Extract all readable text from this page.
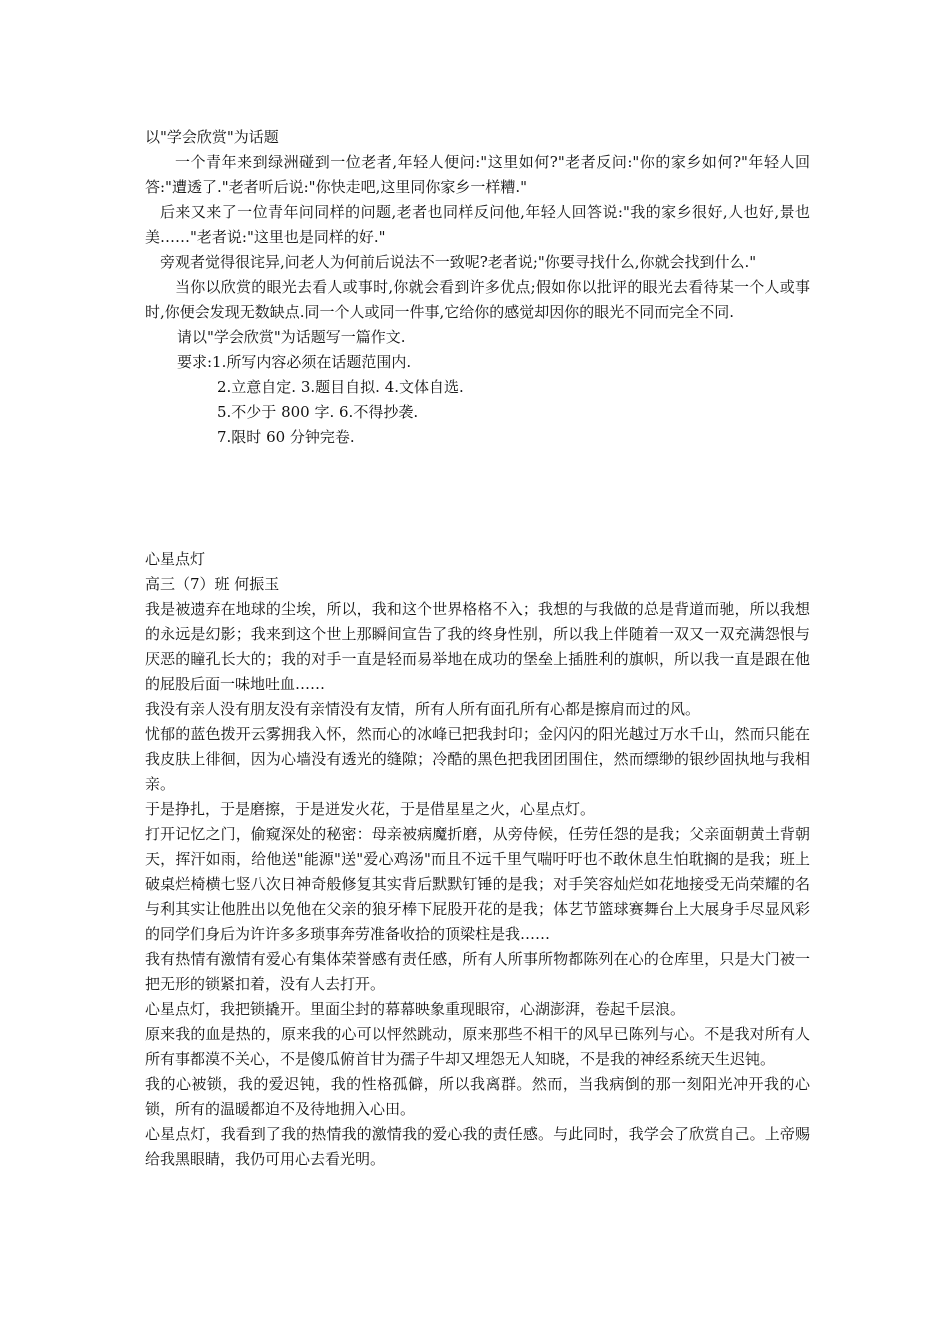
以"学会欣赏"为话题

一个青年来到绿洲碰到一位老者,年轻人便问:"这里如何?"老者反问:"你的家乡如何?"年轻人回答:"遭透了."老者听后说:"你快走吧,这里同你家乡一样糟."

后来又来了一位青年问同样的问题,老者也同样反问他,年轻人回答说:"我的家乡很好,人也好,景也美……"老者说:"这里也是同样的好."

旁观者觉得很诧异,问老人为何前后说法不一致呢?老者说;"你要寻找什么,你就会找到什么."

当你以欣赏的眼光去看人或事时,你就会看到许多优点;假如你以批评的眼光去看待某一个人或事时,你便会发现无数缺点.同一个人或同一件事,它给你的感觉却因你的眼光不同而完全不同.

请以"学会欣赏"为话题写一篇作文.

要求:1.所写内容必须在话题范围内.

2.立意自定. 3.题目自拟. 4.文体自选.

5.不少于 800 字. 6.不得抄袭.

7.限时 60 分钟完卷.

心星点灯

高三（7）班 何振玉

我是被遗弃在地球的尘埃，所以，我和这个世界格格不入；我想的与我做的总是背道而驰，所以我想的永远是幻影；我来到这个世上那瞬间宣告了我的终身性别，所以我上伴随着一双又一双充满怨恨与厌恶的瞳孔长大的；我的对手一直是轻而易举地在成功的堡垒上插胜利的旗帜，所以我一直是跟在他的屁股后面一味地吐血……

我没有亲人没有朋友没有亲情没有友情，所有人所有面孔所有心都是擦肩而过的风。

忧郁的蓝色拨开云雾拥我入怀，然而心的冰峰已把我封印；金闪闪的阳光越过万水千山，然而只能在我皮肤上徘徊，因为心墙没有透光的缝隙；冷酷的黑色把我团团围住，然而缥缈的银纱固执地与我相亲。

于是挣扎，于是磨擦，于是迸发火花，于是借星星之火，心星点灯。

打开记忆之门，偷窥深处的秘密：母亲被病魔折磨，从旁侍候，任劳任怨的是我；父亲面朝黄土背朝天，挥汗如雨，给他送"能源"送"爱心鸡汤"而且不远千里气喘吁吁也不敢休息生怕耽搁的是我；班上破桌烂椅横七竖八次日神奇般修复其实背后默默钉锤的是我；对手笑容灿烂如花地接受无尚荣耀的名与利其实让他胜出以免他在父亲的狼牙棒下屁股开花的是我；体艺节篮球赛舞台上大展身手尽显风彩的同学们身后为许许多多琐事奔劳准备收拾的顶梁柱是我……

我有热情有激情有爱心有集体荣誉感有责任感，所有人所事所物都陈列在心的仓库里，只是大门被一把无形的锁紧扣着，没有人去打开。

心星点灯，我把锁撬开。里面尘封的幕幕映象重现眼帘，心湖澎湃，卷起千层浪。

原来我的血是热的，原来我的心可以怦然跳动，原来那些不相干的风早已陈列与心。不是我对所有人所有事都漠不关心，不是傻瓜俯首甘为孺子牛却又埋怨无人知晓，不是我的神经系统天生迟钝。

我的心被锁，我的爱迟钝，我的性格孤僻，所以我离群。然而，当我病倒的那一刻阳光冲开我的心锁，所有的温暖都迫不及待地拥入心田。

心星点灯，我看到了我的热情我的激情我的爱心我的责任感。与此同时，我学会了欣赏自己。上帝赐给我黑眼睛，我仍可用心去看光明。
